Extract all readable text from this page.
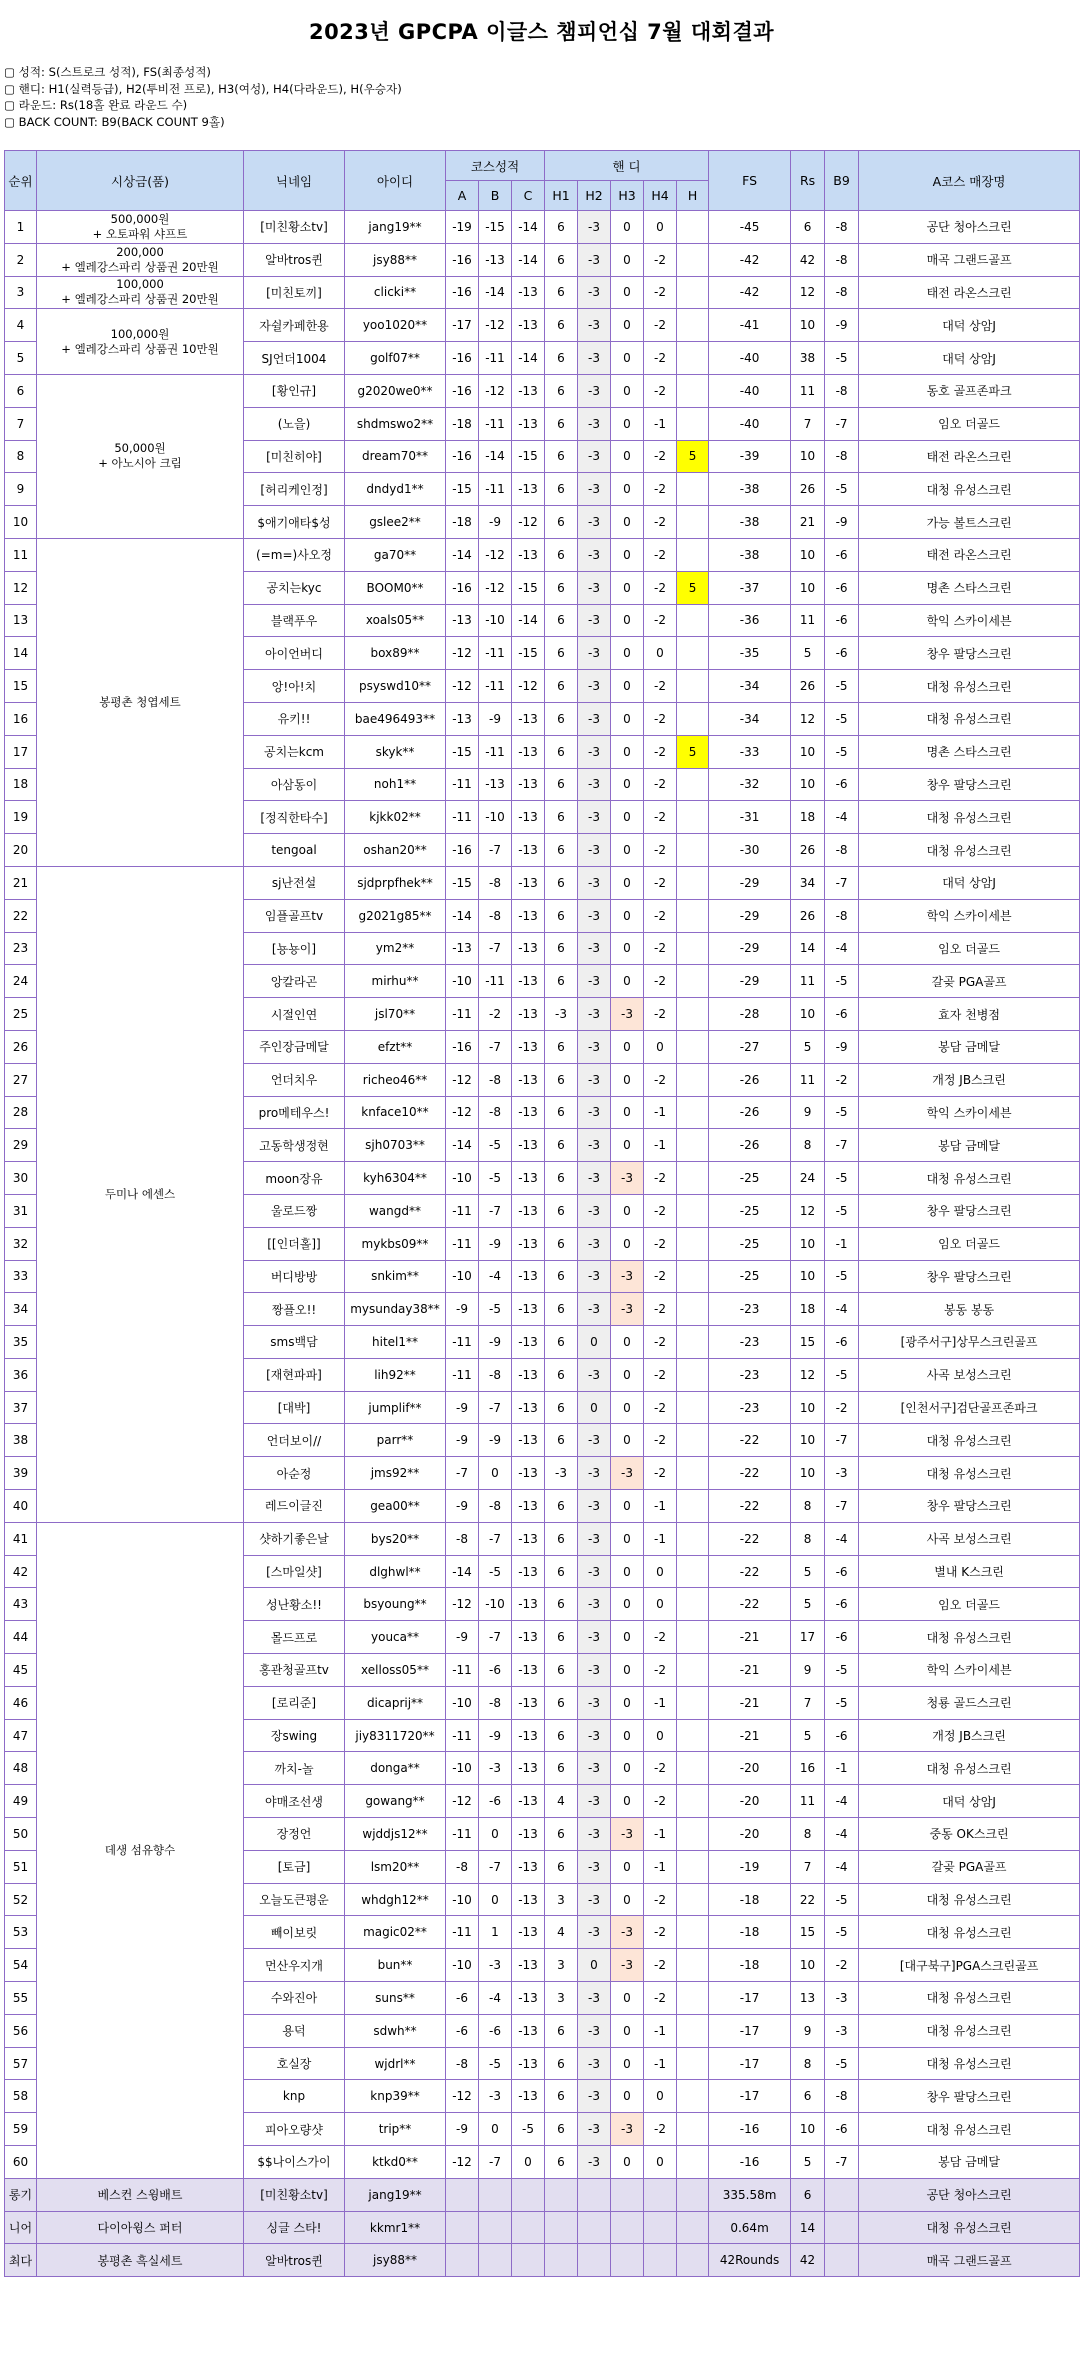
2023년 GPCPA 이글스 챔피언십 7월 대회결과
▢ 성적: S(스트로크 성적), FS(최종성적)
▢ 핸디: H1(실력등급), H2(투비전 프로), H3(여성), H4(다라운드), H(우승자)
▢ 라운드: Rs(18홀 완료 라운드 수)
▢ BACK COUNT: B9(BACK COUNT 9홀)
순위	시상금(품)	닉네임	아이디	코스성적			핸 디					FS	Rs	B9	A코스 매장명
				A	B	C	H1	H2	H3	H4	H				
1	500,000원
+ 오토파워 샤프트	[미친황소tv]	jang19**	-19	-15	-14	6	-3	0	0		-45	6	-8	공단 청아스크린
2	200,000
+ 엘레강스파리 상품권 20만원	알바tros퀸	jsy88**	-16	-13	-14	6	-3	0	-2		-42	42	-8	매곡 그랜드골프
3	100,000
+ 엘레강스파리 상품권 20만원	[미친토끼]	clicki**	-16	-14	-13	6	-3	0	-2		-42	12	-8	태전 라온스크린
4	100,000원
+ 엘레강스파리 상품권 10만원	자쉴카페한용	yoo1020**	-17	-12	-13	6	-3	0	-2		-41	10	-9	대덕 상암J
5		SJ언더1004	golf07**	-16	-11	-14	6	-3	0	-2		-40	38	-5	대덕 상암J
6	50,000원
+ 아노시아 크림	[황인규]	g2020we0**	-16	-12	-13	6	-3	0	-2		-40	11	-8	동호 골프존파크
7		(노을)	shdmswo2**	-18	-11	-13	6	-3	0	-1		-40	7	-7	임오 더골드
8		[미친히야]	dream70**	-16	-14	-15	6	-3	0	-2	5	-39	10	-8	태전 라온스크린
9		[허리케인정]	dndyd1**	-15	-11	-13	6	-3	0	-2		-38	26	-5	대청 유성스크린
10		$애기애타$성	gslee2**	-18	-9	-12	6	-3	0	-2		-38	21	-9	가능 볼트스크린
11	봉평촌 청엽세트	(=m=)사오정	ga70**	-14	-12	-13	6	-3	0	-2		-38	10	-6	태전 라온스크린
12		공치는kyc	BOOM0**	-16	-12	-15	6	-3	0	-2	5	-37	10	-6	명촌 스타스크린
13		블랙푸우	xoals05**	-13	-10	-14	6	-3	0	-2		-36	11	-6	학익 스카이세븐
14		아이언버디	box89**	-12	-11	-15	6	-3	0	0		-35	5	-6	창우 팔당스크린
15		앙!아!치	psyswd10**	-12	-11	-12	6	-3	0	-2		-34	26	-5	대청 유성스크린
16		유키!!	bae496493**	-13	-9	-13	6	-3	0	-2		-34	12	-5	대청 유성스크린
17		공치는kcm	skyk**	-15	-11	-13	6	-3	0	-2	5	-33	10	-5	명촌 스타스크린
18		아삼동이	noh1**	-11	-13	-13	6	-3	0	-2		-32	10	-6	창우 팔당스크린
19		[정직한타수]	kjkk02**	-11	-10	-13	6	-3	0	-2		-31	18	-4	대청 유성스크린
20		tengoal	oshan20**	-16	-7	-13	6	-3	0	-2		-30	26	-8	대청 유성스크린
21	두미나 에센스	sj난전설	sjdprpfhek**	-15	-8	-13	6	-3	0	-2		-29	34	-7	대덕 상암J
22		임플골프tv	g2021g85**	-14	-8	-13	6	-3	0	-2		-29	26	-8	학익 스카이세븐
23		[뇽뇽이]	ym2**	-13	-7	-13	6	-3	0	-2		-29	14	-4	임오 더골드
24		앙칼라곤	mirhu**	-10	-11	-13	6	-3	0	-2		-29	11	-5	갈곶 PGA골프
25		시절인연	jsl70**	-11	-2	-13	-3	-3	-3	-2		-28	10	-6	효자 천병점
26		주인장금메달	efzt**	-16	-7	-13	6	-3	0	0		-27	5	-9	봉담 금메달
27		언더치우	richeo46**	-12	-8	-13	6	-3	0	-2		-26	11	-2	개정 JB스크린
28		pro메테우스!	knface10**	-12	-8	-13	6	-3	0	-1		-26	9	-5	학익 스카이세븐
29		고동학생정현	sjh0703**	-14	-5	-13	6	-3	0	-1		-26	8	-7	봉담 금메달
30		moon장유	kyh6304**	-10	-5	-13	6	-3	-3	-2		-25	24	-5	대청 유성스크린
31		울로드짱	wangd**	-11	-7	-13	6	-3	0	-2		-25	12	-5	창우 팔당스크린
32		[[인더홀]]	mykbs09**	-11	-9	-13	6	-3	0	-2		-25	10	-1	임오 더골드
33		버디방방	snkim**	-10	-4	-13	6	-3	-3	-2		-25	10	-5	창우 팔당스크린
34		짱플오!!	mysunday38**	-9	-5	-13	6	-3	-3	-2		-23	18	-4	봉동 봉동
35		sms백담	hitel1**	-11	-9	-13	6	0	0	-2		-23	15	-6	[광주서구]상무스크린골프
36		[재현파파]	lih92**	-11	-8	-13	6	-3	0	-2		-23	12	-5	사곡 보성스크린
37		[대박]	jumplif**	-9	-7	-13	6	0	0	-2		-23	10	-2	[인천서구]검단골프존파크
38		언더보이//	parr**	-9	-9	-13	6	-3	0	-2		-22	10	-7	대청 유성스크린
39		아순정	jms92**	-7	0	-13	-3	-3	-3	-2		-22	10	-3	대청 유성스크린
40		레드이글진	gea00**	-9	-8	-13	6	-3	0	-1		-22	8	-7	창우 팔당스크린
41	데생 섬유향수	샷하기좋은날	bys20**	-8	-7	-13	6	-3	0	-1		-22	8	-4	사곡 보성스크린
42		[스마일샷]	dlghwl**	-14	-5	-13	6	-3	0	0		-22	5	-6	별내 K스크린
43		성난황소!!	bsyoung**	-12	-10	-13	6	-3	0	0		-22	5	-6	임오 더골드
44		몰드프로	youca**	-9	-7	-13	6	-3	0	-2		-21	17	-6	대청 유성스크린
45		홍관청골프tv	xelloss05**	-11	-6	-13	6	-3	0	-2		-21	9	-5	학익 스카이세븐
46		[로리준]	dicaprij**	-10	-8	-13	6	-3	0	-1		-21	7	-5	청룡 골드스크린
47		장swing	jiy8311720**	-11	-9	-13	6	-3	0	0		-21	5	-6	개정 JB스크린
48		까치-놀	donga**	-10	-3	-13	6	-3	0	-2		-20	16	-1	대청 유성스크린
49		야매조선생	gowang**	-12	-6	-13	4	-3	0	-2		-20	11	-4	대덕 상암J
50		장정언	wjddjs12**	-11	0	-13	6	-3	-3	-1		-20	8	-4	중동 OK스크린
51		[토금]	lsm20**	-8	-7	-13	6	-3	0	-1		-19	7	-4	갈곶 PGA골프
52		오늘도큰평운	whdgh12**	-10	0	-13	3	-3	0	-2		-18	22	-5	대청 유성스크린
53		빼이보릿	magic02**	-11	1	-13	4	-3	-3	-2		-18	15	-5	대청 유성스크린
54		먼산우지개	bun**	-10	-3	-13	3	0	-3	-2		-18	10	-2	[대구북구]PGA스크린골프
55		수와진아	suns**	-6	-4	-13	3	-3	0	-2		-17	13	-3	대청 유성스크린
56		용덕	sdwh**	-6	-6	-13	6	-3	0	-1		-17	9	-3	대청 유성스크린
57		호실장	wjdrl**	-8	-5	-13	6	-3	0	-1		-17	8	-5	대청 유성스크린
58		knp	knp39**	-12	-3	-13	6	-3	0	0		-17	6	-8	창우 팔당스크린
59		피아오량샷	trip**	-9	0	-5	6	-3	-3	-2		-16	10	-6	대청 유성스크린
60		$$나이스가이	ktkd0**	-12	-7	0	6	-3	0	0		-16	5	-7	봉담 금메달
롱기	베스컨 스윙배트	[미친황소tv]	jang19**									335.58m	6		공단 청아스크린
니어	다이아윙스 퍼터	싱글 스타!	kkmr1**									0.64m	14		대청 유성스크린
최다	봉평촌 흑실세트	알바tros퀸	jsy88**									42Rounds	42		매곡 그랜드골프
